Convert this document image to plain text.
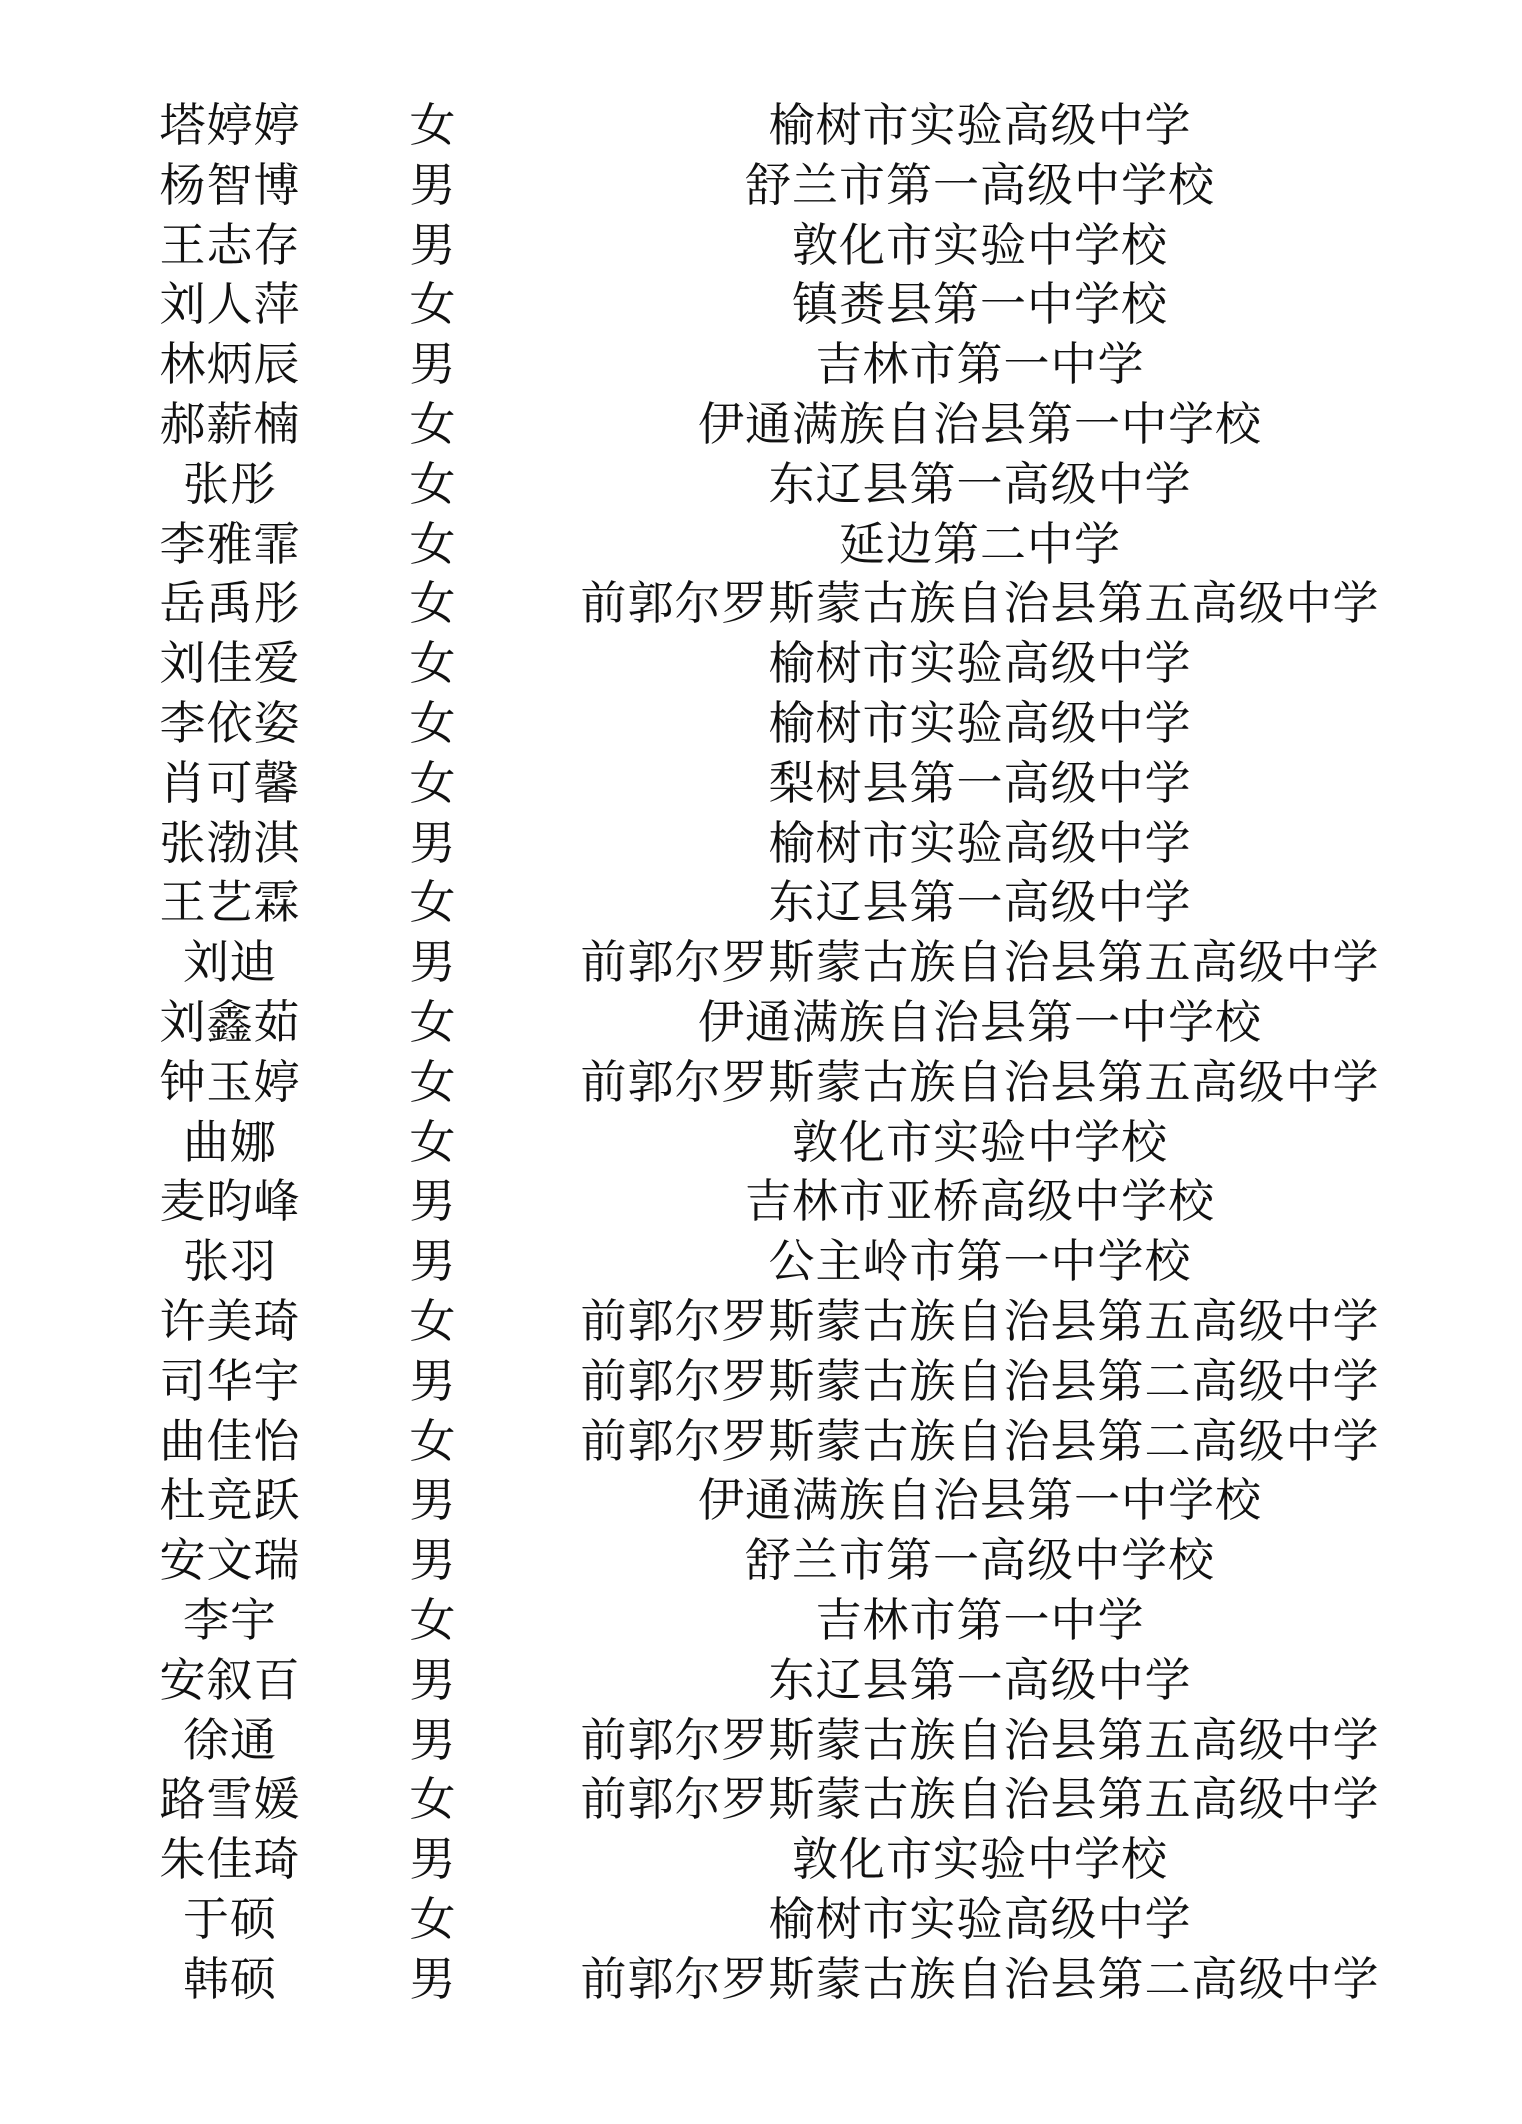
塔婷婷	女	榆树市实验高级中学
杨智博	男	舒兰市第一高级中学校
王志存	男	敦化市实验中学校
刘人萍	女	镇赉县第一中学校
林炳辰	男	吉林市第一中学
郝薪楠	女	伊通满族自治县第一中学校
张彤	女	东辽县第一高级中学
李雅霏	女	延边第二中学
岳禹彤	女	前郭尔罗斯蒙古族自治县第五高级中学
刘佳爱	女	榆树市实验高级中学
李依姿	女	榆树市实验高级中学
肖可馨	女	梨树县第一高级中学
张渤淇	男	榆树市实验高级中学
王艺霖	女	东辽县第一高级中学
刘迪	男	前郭尔罗斯蒙古族自治县第五高级中学
刘鑫茹	女	伊通满族自治县第一中学校
钟玉婷	女	前郭尔罗斯蒙古族自治县第五高级中学
曲娜	女	敦化市实验中学校
麦昀峰	男	吉林市亚桥高级中学校
张羽	男	公主岭市第一中学校
许美琦	女	前郭尔罗斯蒙古族自治县第五高级中学
司华宇	男	前郭尔罗斯蒙古族自治县第二高级中学
曲佳怡	女	前郭尔罗斯蒙古族自治县第二高级中学
杜竞跃	男	伊通满族自治县第一中学校
安文瑞	男	舒兰市第一高级中学校
李宇	女	吉林市第一中学
安叙百	男	东辽县第一高级中学
徐通	男	前郭尔罗斯蒙古族自治县第五高级中学
路雪媛	女	前郭尔罗斯蒙古族自治县第五高级中学
朱佳琦	男	敦化市实验中学校
于硕	女	榆树市实验高级中学
韩硕	男	前郭尔罗斯蒙古族自治县第二高级中学
